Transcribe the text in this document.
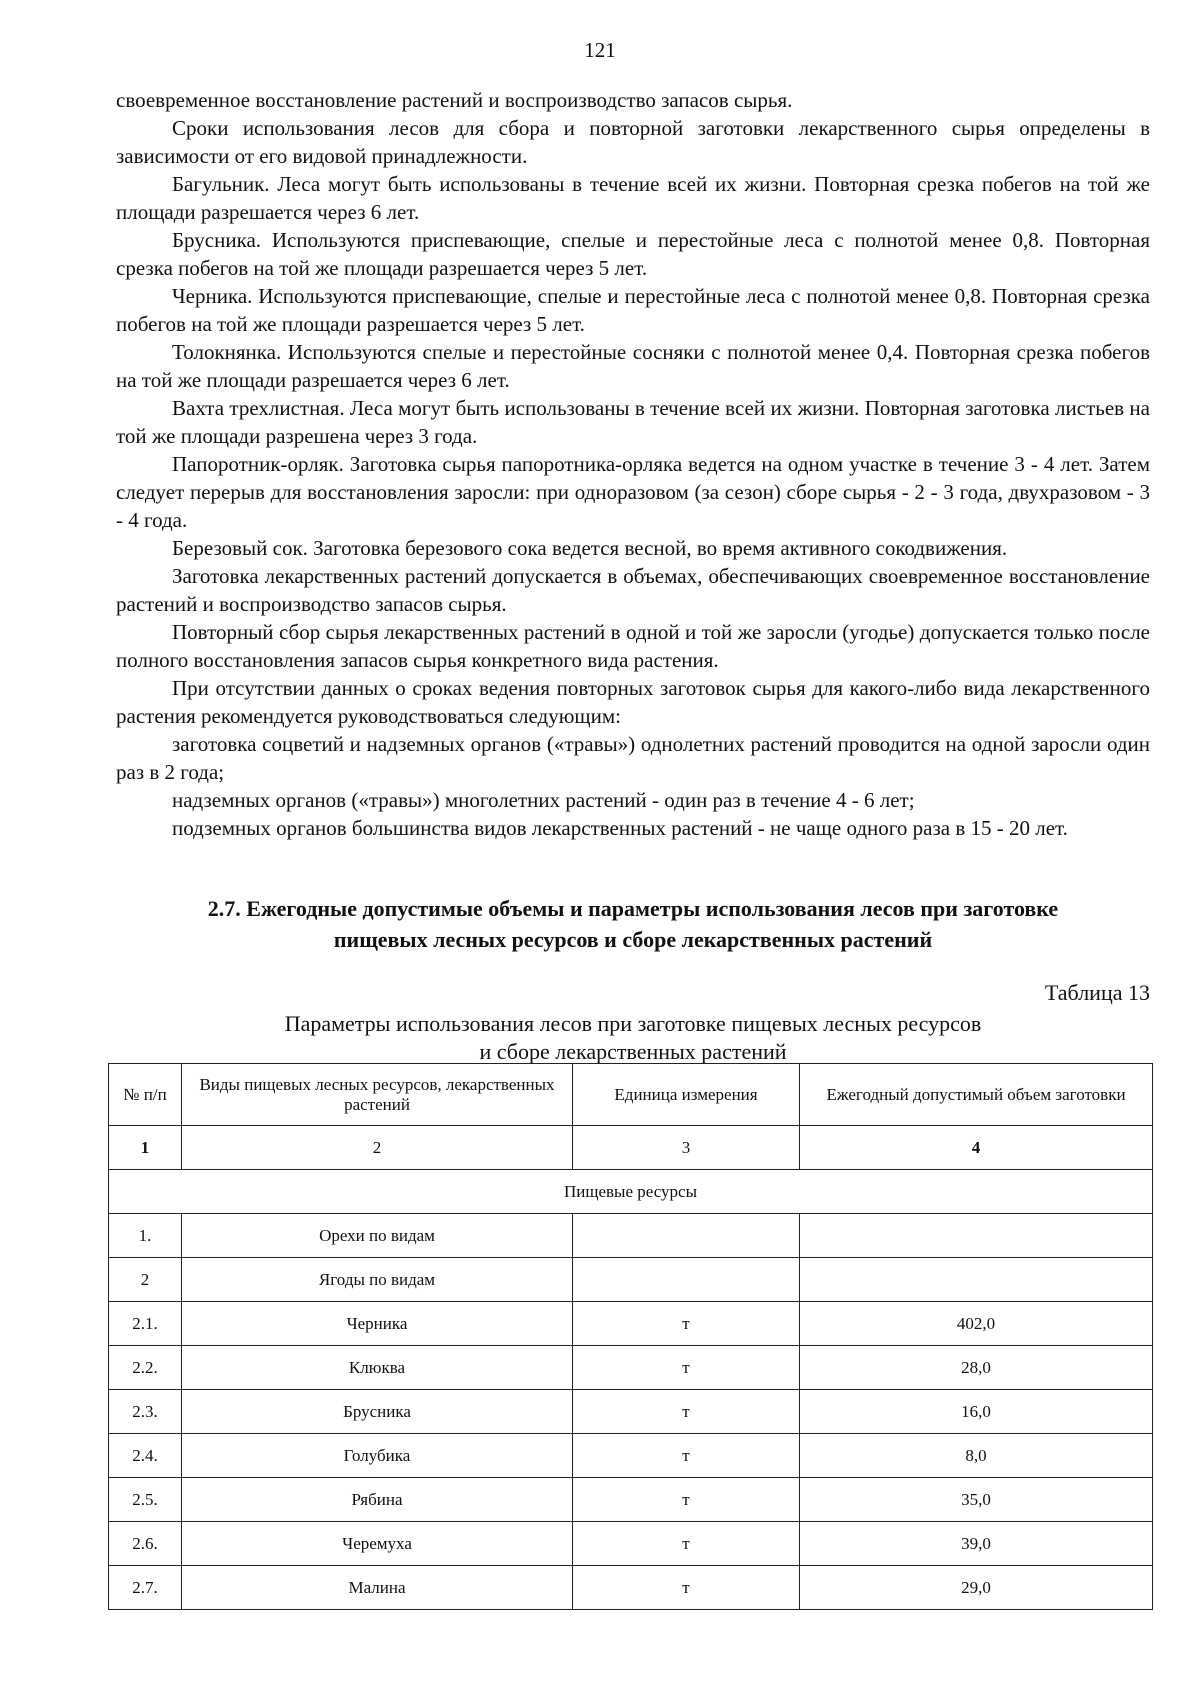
121

своевременное восстановление растений и воспроизводство запасов сырья.

Сроки использования лесов для сбора и повторной заготовки лекарственного сырья определены в зависимости от его видовой принадлежности.

Багульник. Леса могут быть использованы в течение всей их жизни. Повторная срезка побегов на той же площади разрешается через 6 лет.

Брусника. Используются приспевающие, спелые и перестойные леса с полнотой менее 0,8. Повторная срезка побегов на той же площади разрешается через 5 лет.

Черника. Используются приспевающие, спелые и перестойные леса с полнотой менее 0,8. Повторная срезка побегов на той же площади разрешается через 5 лет.

Толокнянка. Используются спелые и перестойные сосняки с полнотой менее 0,4. Повторная срезка побегов на той же площади разрешается через 6 лет.

Вахта трехлистная. Леса могут быть использованы в течение всей их жизни. Повторная заготовка листьев на той же площади разрешена через 3 года.

Папоротник-орляк. Заготовка сырья папоротника-орляка ведется на одном участке в течение 3 - 4 лет. Затем следует перерыв для восстановления заросли: при одноразовом (за сезон) сборе сырья - 2 - 3 года, двухразовом - 3 - 4 года.

Березовый сок. Заготовка березового сока ведется весной, во время активного сокодвижения.

Заготовка лекарственных растений допускается в объемах, обеспечивающих своевременное восстановление растений и воспроизводство запасов сырья.

Повторный сбор сырья лекарственных растений в одной и той же заросли (угодье) допускается только после полного восстановления запасов сырья конкретного вида растения.

При отсутствии данных о сроках ведения повторных заготовок сырья для какого-либо вида лекарственного растения рекомендуется руководствоваться следующим:

заготовка соцветий и надземных органов («травы») однолетних растений проводится на одной заросли один раз в 2 года;

надземных органов («травы») многолетних растений - один раз в течение 4 - 6 лет;

подземных органов большинства видов лекарственных растений - не чаще одного раза в 15 - 20 лет.

2.7. Ежегодные допустимые объемы и параметры использования лесов при заготовке
пищевых лесных ресурсов и сборе лекарственных растений
Таблица 13
Параметры использования лесов при заготовке пищевых лесных ресурсов
и сборе лекарственных растений
№ п/п	Виды пищевых лесных ресурсов, лекарственных растений	Единица измерения	Ежегодный допустимый объем заготовки
1	2	3	4
Пищевые ресурсы			
1.	Орехи по видам		
2	Ягоды по видам		
2.1.	Черника	т	402,0
2.2.	Клюква	т	28,0
2.3.	Брусника	т	16,0
2.4.	Голубика	т	8,0
2.5.	Рябина	т	35,0
2.6.	Черемуха	т	39,0
2.7.	Малина	т	29,0
